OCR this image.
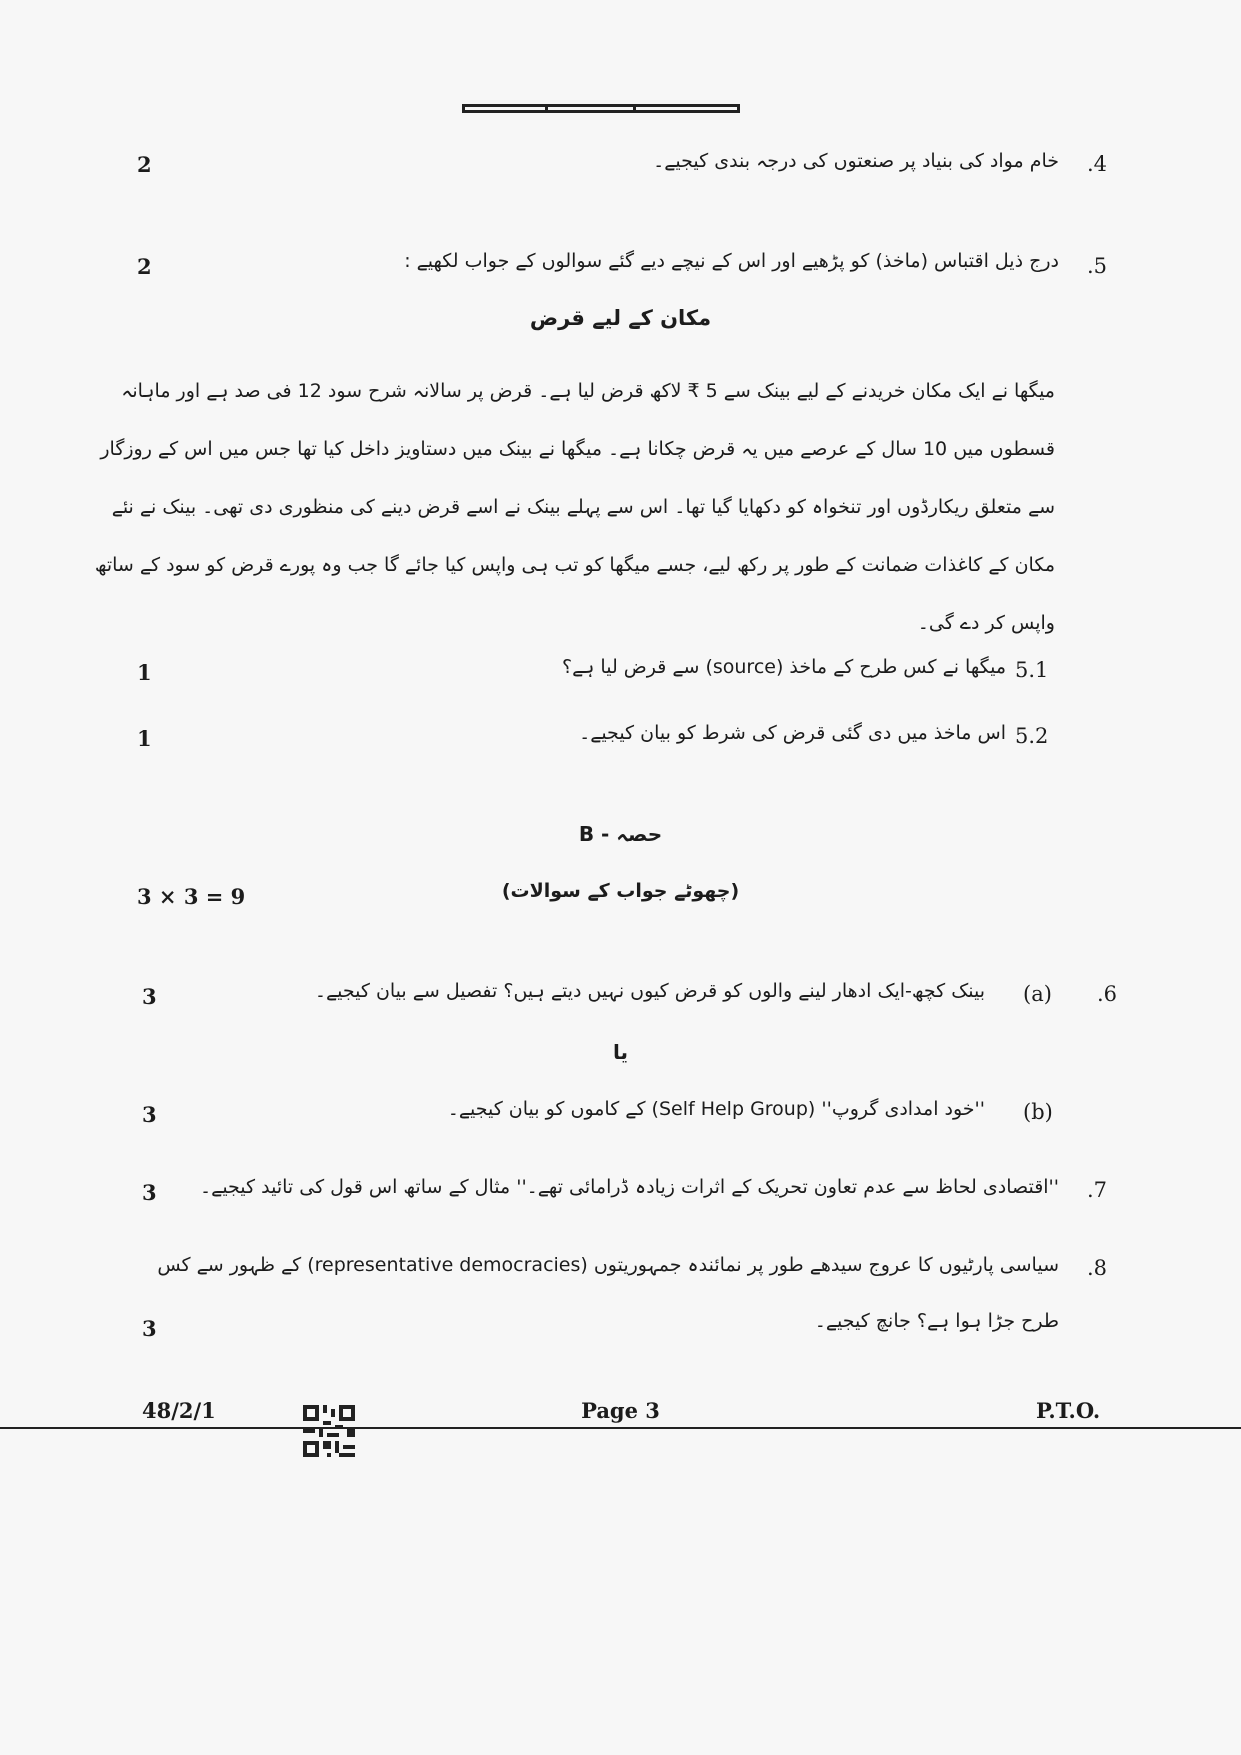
2	خام مواد کی بنیاد پر صنعتوں کی درجہ بندی کیجیے۔ .4
2	درج ذیل اقتباس (ماخذ) کو پڑھیے اور اس کے نیچے دیے گئے سوالوں کے جواب لکھیے : .5
مکان کے لیے قرض

میگھا نے ایک مکان خریدنے کے لیے بینک سے 5 ₹ لاکھ قرض لیا ہے۔ قرض پر سالانہ شرح سود 12 فی صد ہے اور ماہانہ

قسطوں میں 10 سال کے عرصے میں یہ قرض چکانا ہے۔ میگھا نے بینک میں دستاویز داخل کیا تھا جس میں اس کے روزگار

سے متعلق ریکارڈوں اور تنخواہ کو دکھایا گیا تھا۔ اس سے پہلے بینک نے اسے قرض دینے کی منظوری دی تھی۔ بینک نے نئے

مکان کے کاغذات ضمانت کے طور پر رکھ لیے، جسے میگھا کو تب ہی واپس کیا جائے گا جب وہ پورے قرض کو سود کے ساتھ

واپس کر دے گی۔

1	میگھا نے کس طرح کے ماخذ (source) سے قرض لیا ہے؟ 5.1
1	اس ماخذ میں دی گئی قرض کی شرط کو بیان کیجیے۔ 5.2
حصہ - B
3 × 3 = 9	(چھوٹے جواب کے سوالات)
3	بینک کچھ-ایک ادھار لینے والوں کو قرض کیوں نہیں دیتے ہیں؟ تفصیل سے بیان کیجیے۔ (a) .6
یا
3	''خود امدادی گروپ'' (Self Help Group) کے کاموں کو بیان کیجیے۔ (b)
3 ''اقتصادی لحاظ سے عدم تعاون تحریک کے اثرات زیادہ ڈرامائی تھے۔'' مثال کے ساتھ اس قول کی تائید کیجیے۔ .7
سیاسی پارٹیوں کا عروج سیدھے طور پر نمائندہ جمہوریتوں (representative democracies) کے ظہور سے کس .8
طرح جڑا ہوا ہے؟ جانچ کیجیے۔
3
48/2/1	Page 3	P.T.O.
